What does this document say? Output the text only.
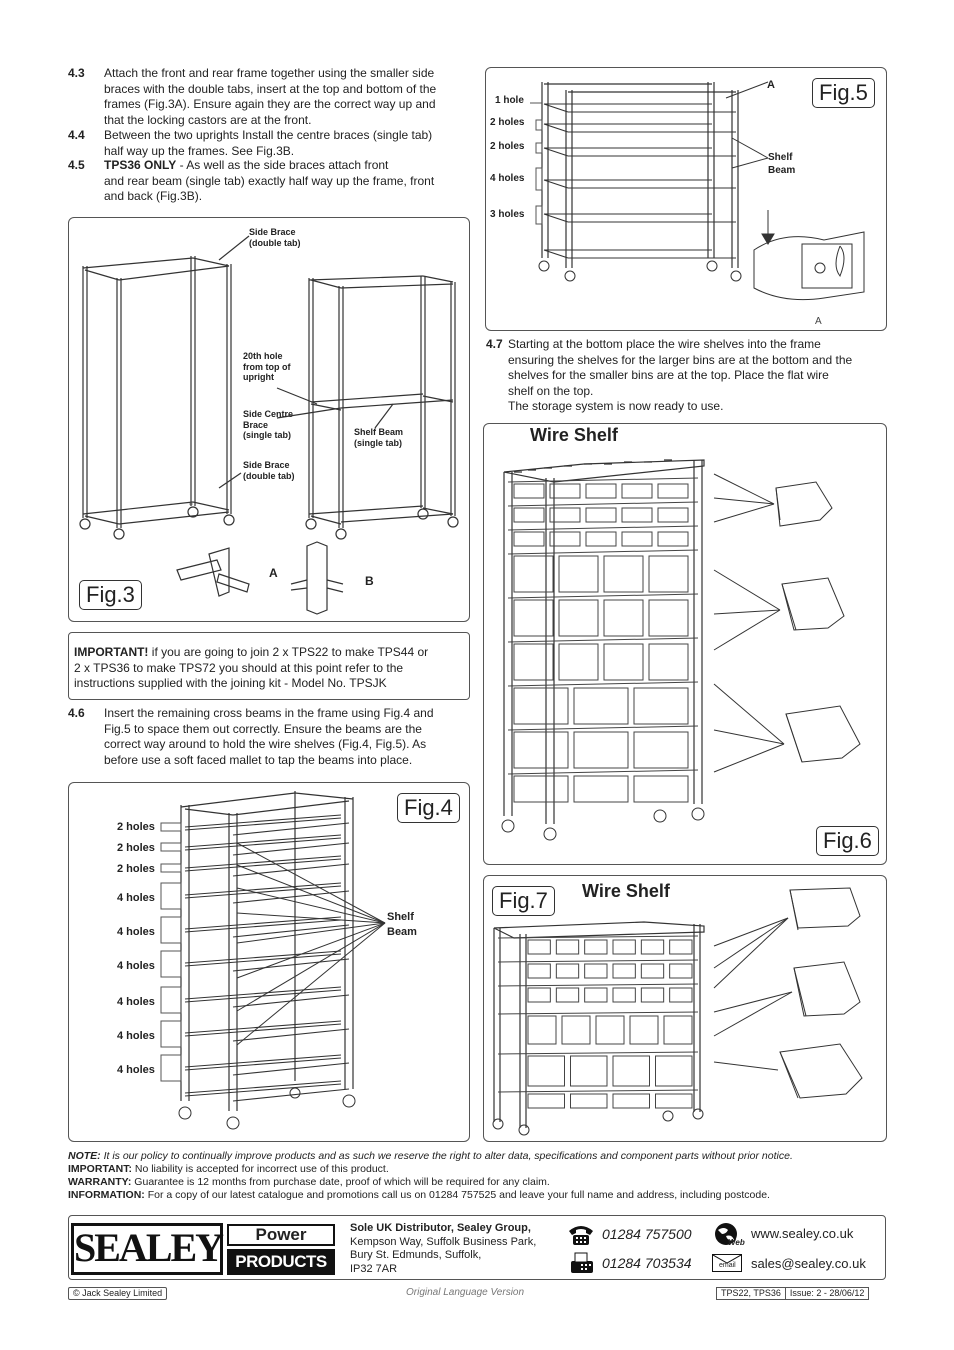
4.3 Attach the front and rear frame together using the smaller side
braces with the double tabs, insert at the top and bottom of the
frames (Fig.3A). Ensure again they are the correct way up and
that the locking castors are at the front.
4.4 Between the two uprights Install the centre braces (single tab)
half way up the frames. See Fig.3B.
4.5 TPS36 ONLY - As well as the side braces attach front
and rear beam (single tab) exactly half way up the frame, front
and back (Fig.3B).
Side Brace
(double tab)
20th hole
from top of
upright
Side Centre
Brace
(single tab)
Side Brace
(double tab)
Shelf Beam
(single tab)
A
B
Fig.3
IMPORTANT! if you are going to join 2 x TPS22 to make TPS44 or
2 x TPS36 to make TPS72 you should at this point refer to the
instructions supplied with the joining kit - Model No. TPSJK
4.6 Insert the remaining cross beams in the frame using Fig.4 and
Fig.5 to space them out correctly. Ensure the beams are the
correct way around to hold the wire shelves (Fig.4, Fig.5). As
before use a soft faced mallet to tap the beams into place.
2 holes
2 holes
2 holes
4 holes
4 holes
4 holes
4 holes
4 holes
4 holes
Shelf
Beam
Fig.4
1 hole
2 holes
2 holes
4 holes
3 holes
A
Shelf
Beam
A
Fig.5
4.7 Starting at the bottom place the wire shelves into the frame
ensuring the shelves for the larger bins are at the bottom and the
shelves for the smaller bins are at the top. Place the flat wire
shelf on the top.
The storage system is now ready to use.
Wire Shelf
Fig.6
Wire Shelf
Fig.7
NOTE: It is our policy to continually improve products and as such we reserve the right to alter data, specifications and component parts without prior notice.
IMPORTANT: No liability is accepted for incorrect use of this product.
WARRANTY: Guarantee is 12 months from purchase date, proof of which will be required for any claim.
INFORMATION: For a copy of our latest catalogue and promotions call us on 01284 757525 and leave your full name and address, including postcode.
SEALEY	Power
PRODUCTS
Sole UK Distributor, Sealey Group,
Kempson Way, Suffolk Business Park,
Bury St. Edmunds, Suffolk,
IP32 7AR
01284 757500
01284 703534
Web
www.sealey.co.uk
email sales@sealey.co.uk
© Jack Sealey Limited	Original Language Version	TPS22, TPS36	Issue: 2 - 28/06/12
